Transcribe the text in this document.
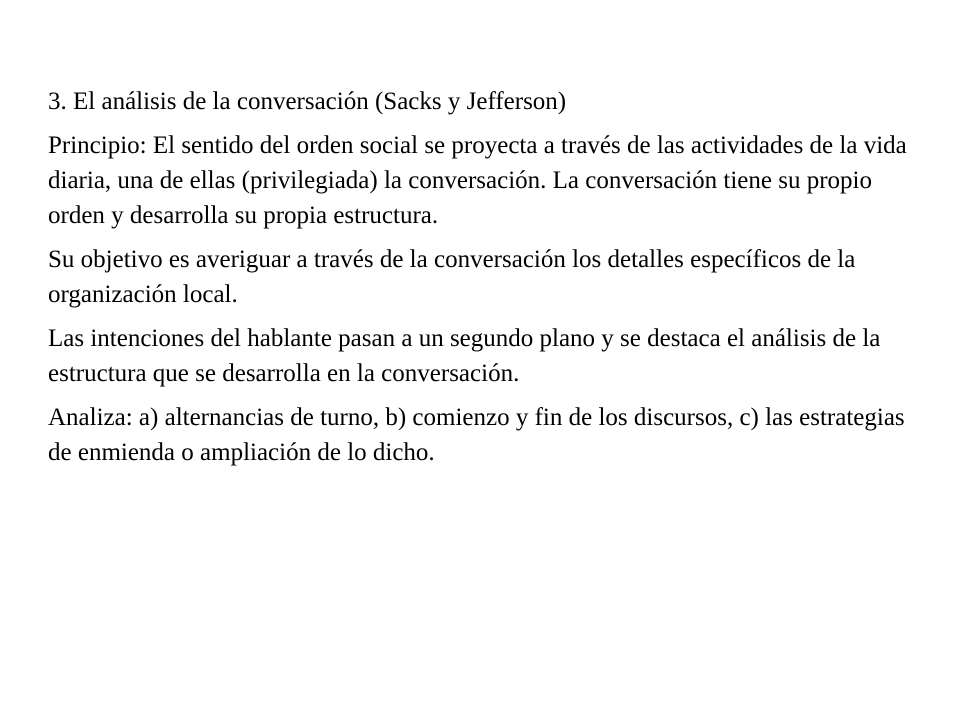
3. El análisis de la conversación (Sacks y Jefferson)

Principio: El sentido del orden social se proyecta a través de las actividades de la vida diaria, una de ellas (privilegiada) la conversación. La conversación tiene su propio orden y desarrolla su propia estructura.

Su objetivo es averiguar a través de la conversación los detalles específicos de la organización local.

Las intenciones del hablante pasan a un segundo plano y se destaca el análisis de la estructura que se desarrolla en la conversación.

Analiza: a) alternancias de turno, b) comienzo y fin de los discursos, c) las estrategias de enmienda o ampliación de lo dicho.
